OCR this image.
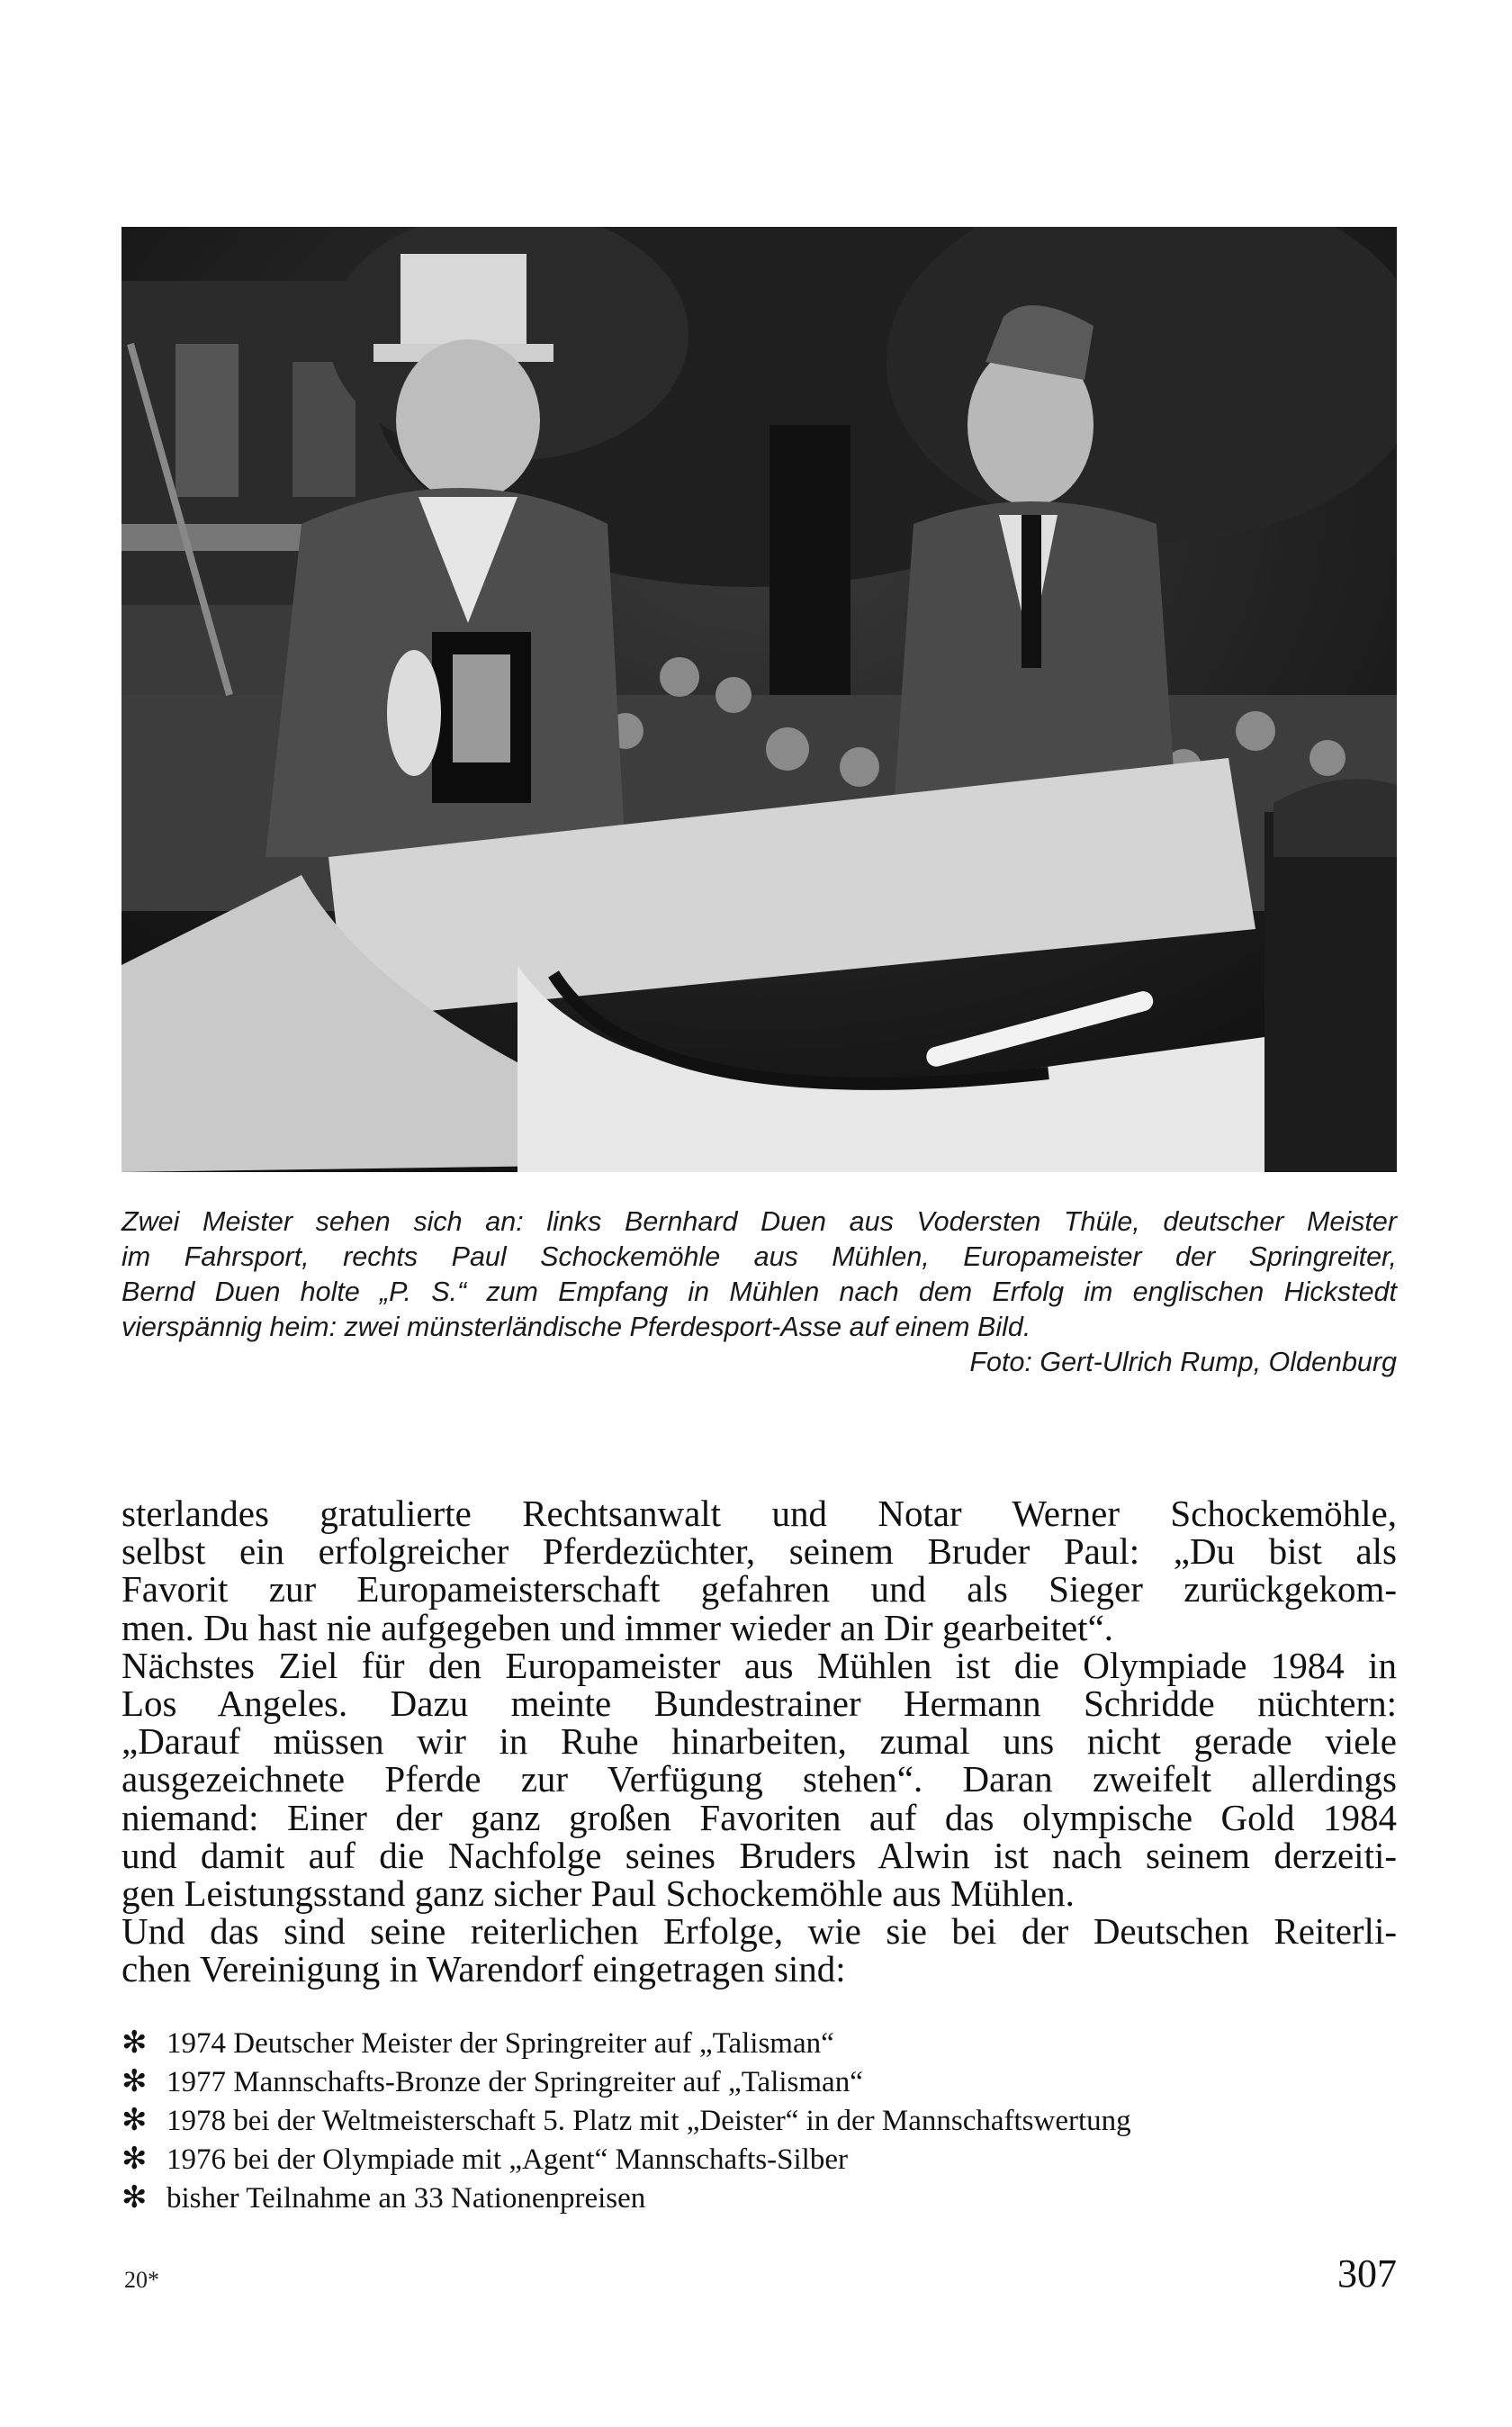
Zwei Meister sehen sich an: links Bernhard Duen aus Vodersten Thüle, deutscher Meister
im Fahrsport, rechts Paul Schockemöhle aus Mühlen, Europameister der Springreiter,
Bernd Duen holte „P. S.“ zum Empfang in Mühlen nach dem Erfolg im englischen Hickstedt
vierspännig heim: zwei münsterländische Pferdesport-Asse auf einem Bild.
Foto: Gert-Ulrich Rump, Oldenburg
sterlandes gratulierte Rechtsanwalt und Notar Werner Schockemöhle,
selbst ein erfolgreicher Pferdezüchter, seinem Bruder Paul: „Du bist als
Favorit zur Europameisterschaft gefahren und als Sieger zurückgekom-
men. Du hast nie aufgegeben und immer wieder an Dir gearbeitet“.
Nächstes Ziel für den Europameister aus Mühlen ist die Olympiade 1984 in
Los Angeles. Dazu meinte Bundestrainer Hermann Schridde nüchtern:
„Darauf müssen wir in Ruhe hinarbeiten, zumal uns nicht gerade viele
ausgezeichnete Pferde zur Verfügung stehen“. Daran zweifelt allerdings
niemand: Einer der ganz großen Favoriten auf das olympische Gold 1984
und damit auf die Nachfolge seines Bruders Alwin ist nach seinem derzeiti-
gen Leistungsstand ganz sicher Paul Schockemöhle aus Mühlen.
Und das sind seine reiterlichen Erfolge, wie sie bei der Deutschen Reiterli-
chen Vereinigung in Warendorf eingetragen sind:
✻ 1974 Deutscher Meister der Springreiter auf „Talisman“
✻ 1977 Mannschafts-Bronze der Springreiter auf „Talisman“
✻ 1978 bei der Weltmeisterschaft 5. Platz mit „Deister“ in der Mannschaftswertung
✻ 1976 bei der Olympiade mit „Agent“ Mannschafts-Silber
✻ bisher Teilnahme an 33 Nationenpreisen
20*	307
